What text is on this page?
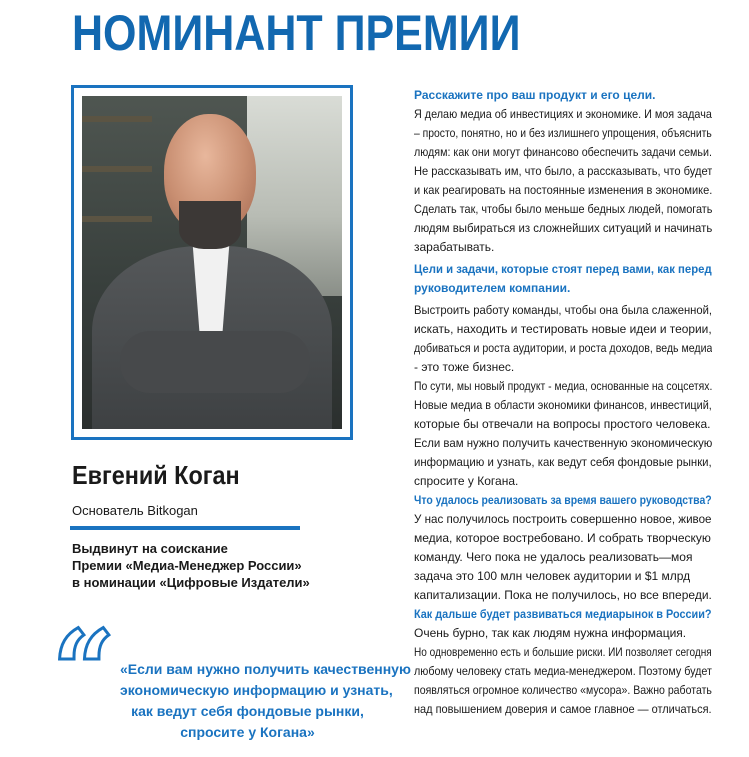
НОМИНАНТ ПРЕМИИ
Евгений Коган
Основатель Bitkogan
Выдвинут на соискание
Премии «Медиа-Менеджер России»
в номинации «Цифровые Издатели»
“ «Если вам нужно получить качественную
экономическую информацию и узнать,
как ведут себя фондовые рынки,
спросите у Когана»
Расскажите про ваш продукт и его цели.
Я делаю медиа об инвестициях и экономике. И моя задача
– просто, понятно, но и без излишнего упрощения, объяснить
людям: как они могут финансово обеспечить задачи семьи.
Не рассказывать им, что было, а рассказывать, что будет
и как реагировать на постоянные изменения в экономике.
Сделать так, чтобы было меньше бедных людей, помогать
людям выбираться из сложнейших ситуаций и начинать
зарабатывать.
Цели и задачи, которые стоят перед вами, как перед
руководителем компании.
Выстроить работу команды, чтобы она была слаженной,
искать, находить и тестировать новые идеи и теории,
добиваться и роста аудитории, и роста доходов, ведь медиа
- это тоже бизнес.
По сути, мы новый продукт - медиа, основанные на соцсетях.
Новые медиа в области экономики финансов, инвестиций,
которые бы отвечали на вопросы простого человека.
Если вам нужно получить качественную экономическую
информацию и узнать, как ведут себя фондовые рынки,
спросите у Когана.
Что удалось реализовать за время вашего руководства?
У нас получилось построить совершенно новое, живое
медиа, которое востребовано. И собрать творческую
команду. Чего пока не удалось реализовать—моя
задача это 100 млн человек аудитории и $1 млрд
капитализации. Пока не получилось, но все впереди.
Как дальше будет развиваться медиарынок в России?
Очень бурно, так как людям нужна информация.
Но одновременно есть и большие риски. ИИ позволяет сегодня
любому человеку стать медиа-менеджером. Поэтому будет
появляться огромное количество «мусора». Важно работать
над повышением доверия и самое главное — отличаться.
